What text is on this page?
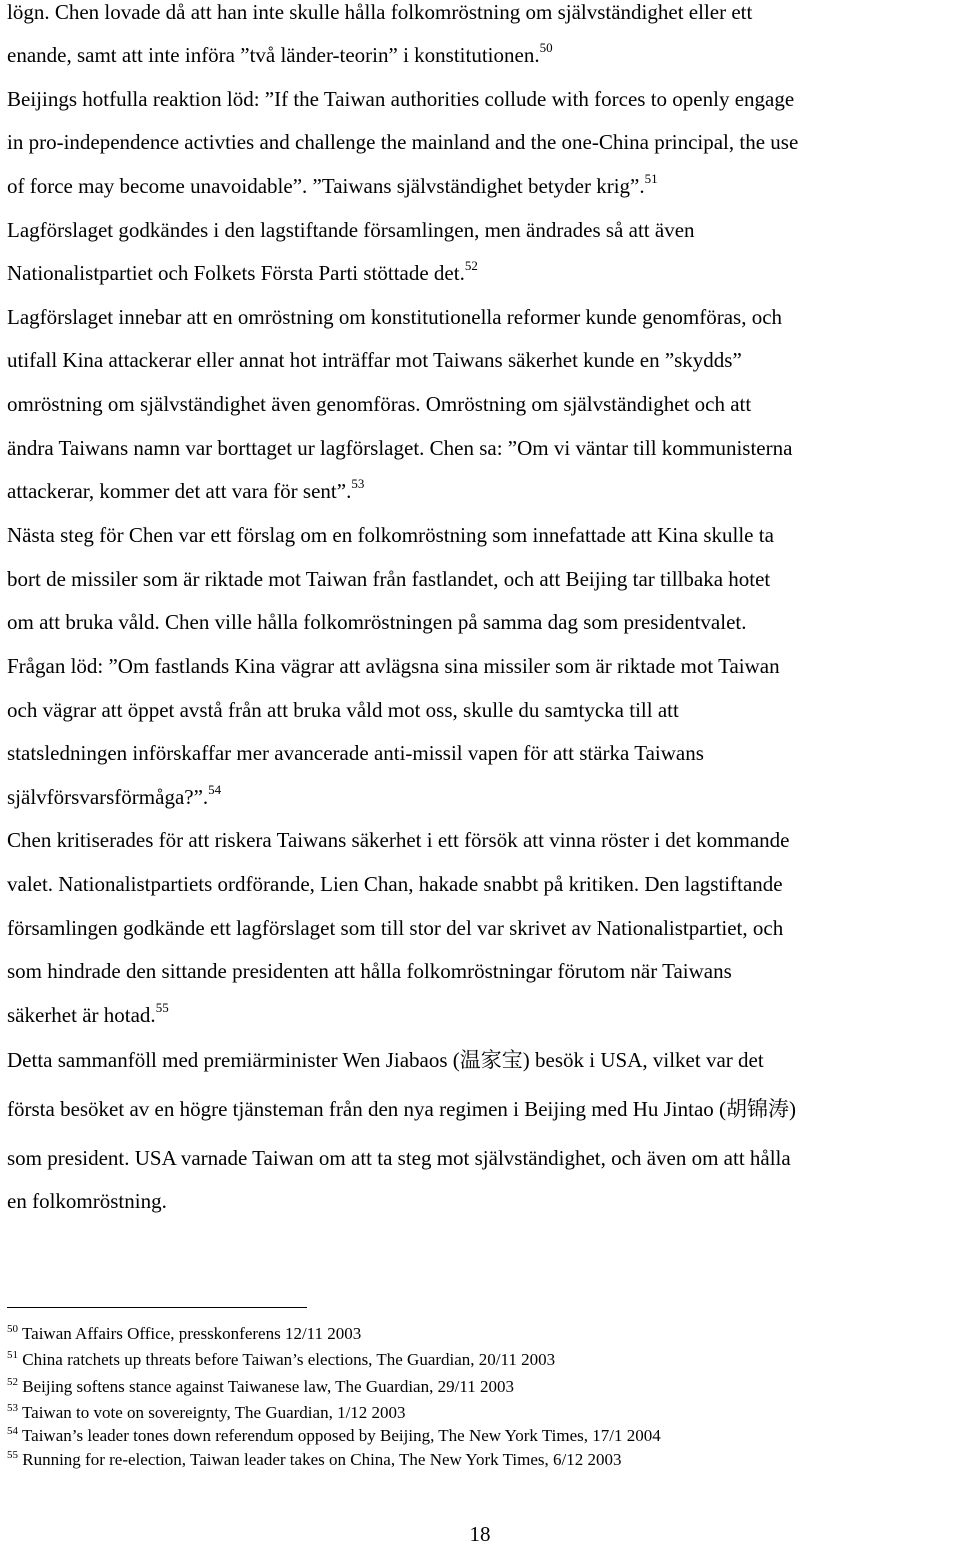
lögn. Chen lovade då att han inte skulle hålla folkomröstning om självständighet eller ett
enande, samt att inte införa ”två länder-teorin” i konstitutionen.$^{50}$
Beijings hotfulla reaktion löd: ”If the Taiwan authorities collude with forces to openly engage
in pro-independence activties and challenge the mainland and the one-China principal, the use
of force may become unavoidable”. ”Taiwans självständighet betyder krig”.$^{51}$
Lagförslaget godkändes i den lagstiftande församlingen, men ändrades så att även
Nationalistpartiet och Folkets Första Parti stöttade det.$^{52}$
Lagförslaget innebar att en omröstning om konstitutionella reformer kunde genomföras, och
utifall Kina attackerar eller annat hot inträffar mot Taiwans säkerhet kunde en ”skydds”
omröstning om självständighet även genomföras. Omröstning om självständighet och att
ändra Taiwans namn var borttaget ur lagförslaget. Chen sa: ”Om vi väntar till kommunisterna
attackerar, kommer det att vara för sent”.$^{53}$
Nästa steg för Chen var ett förslag om en folkomröstning som innefattade att Kina skulle ta
bort de missiler som är riktade mot Taiwan från fastlandet, och att Beijing tar tillbaka hotet
om att bruka våld. Chen ville hålla folkomröstningen på samma dag som presidentvalet.
Frågan löd: ”Om fastlands Kina vägrar att avlägsna sina missiler som är riktade mot Taiwan
och vägrar att öppet avstå från att bruka våld mot oss, skulle du samtycka till att
statsledningen införskaffar mer avancerade anti-missil vapen för att stärka Taiwans
självförsvarsförmåga?”.$^{54}$
Chen kritiserades för att riskera Taiwans säkerhet i ett försök att vinna röster i det kommande
valet. Nationalistpartiets ordförande, Lien Chan, hakade snabbt på kritiken. Den lagstiftande
församlingen godkände ett lagförslaget som till stor del var skrivet av Nationalistpartiet, och
som hindrade den sittande presidenten att hålla folkomröstningar förutom när Taiwans
säkerhet är hotad.$^{55}$
Detta sammanföll med premiärminister Wen Jiabaos (温家宝) besök i USA, vilket var det
första besöket av en högre tjänsteman från den nya regimen i Beijing med Hu Jintao (胡锦涛)
som president. USA varnade Taiwan om att ta steg mot självständighet, och även om att hålla
en folkomröstning.
$^{50}$ Taiwan Affairs Office, presskonferens 12/11 2003
$^{51}$ China ratchets up threats before Taiwan’s elections, The Guardian, 20/11 2003
$^{52}$ Beijing softens stance against Taiwanese law, The Guardian, 29/11 2003
$^{53}$ Taiwan to vote on sovereignty, The Guardian, 1/12 2003
$^{54}$ Taiwan’s leader tones down referendum opposed by Beijing, The New York Times, 17/1 2004
$^{55}$ Running for re-election, Taiwan leader takes on China, The New York Times, 6/12 2003
18
